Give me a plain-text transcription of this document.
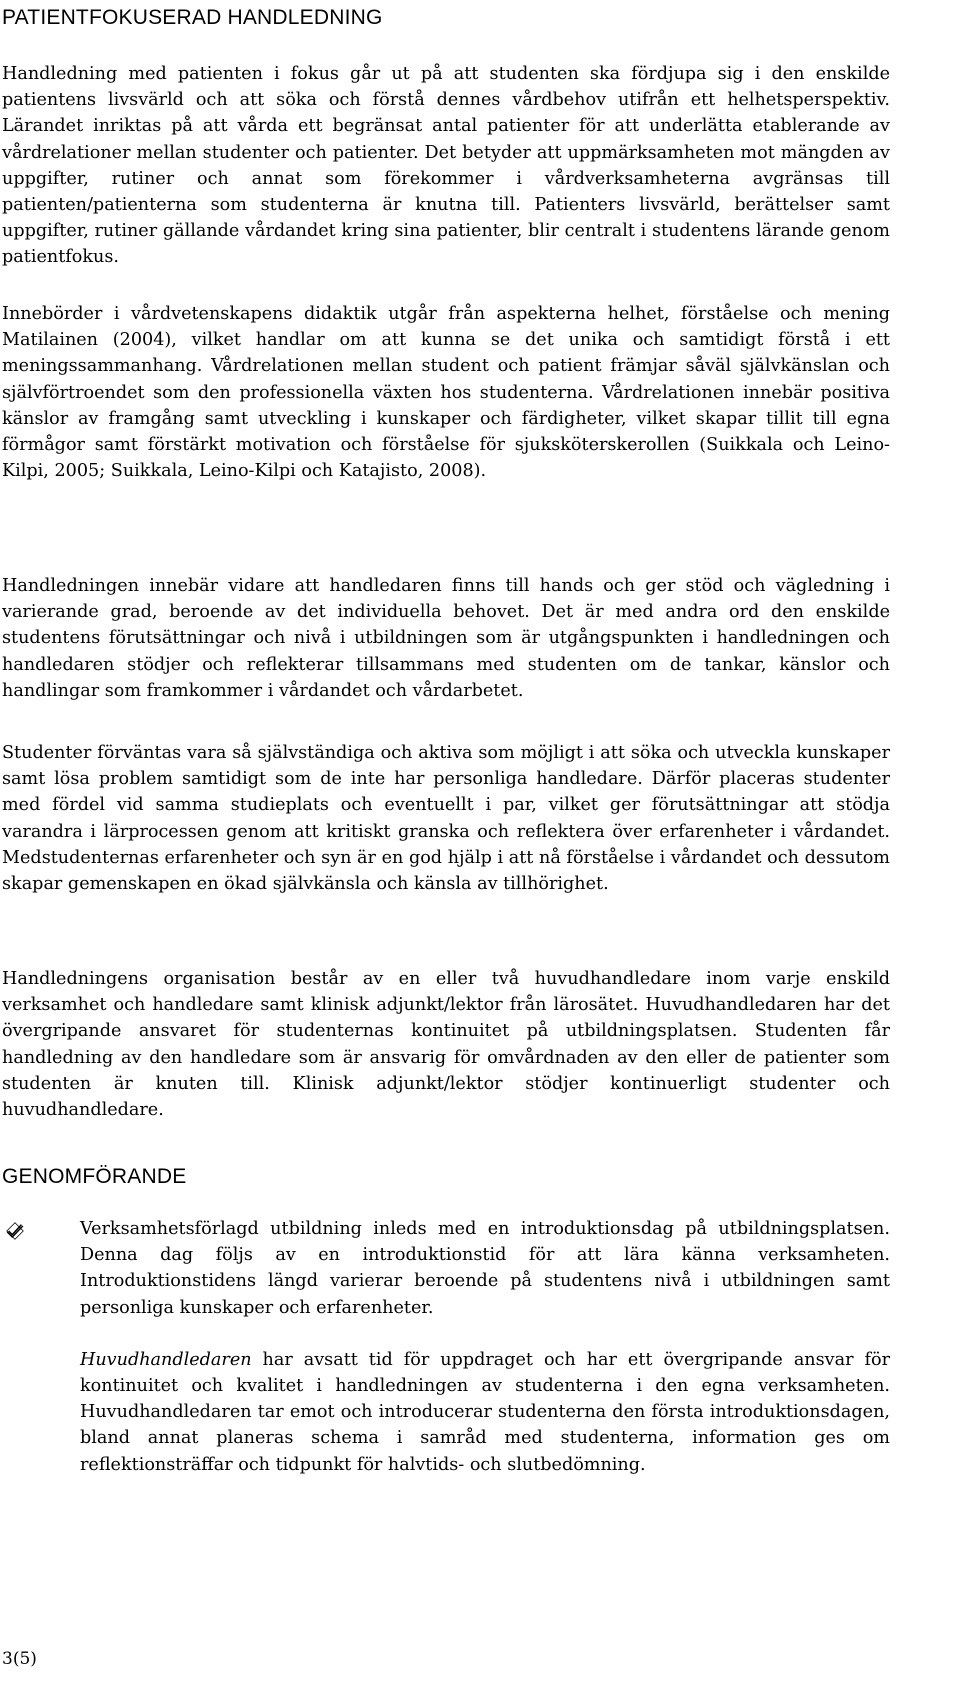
PATIENTFOKUSERAD HANDLEDNING

Handledning med patienten i fokus går ut på att studenten ska fördjupa sig i den enskilde patientens livsvärld och att söka och förstå dennes vårdbehov utifrån ett helhetsperspektiv. Lärandet inriktas på att vårda ett begränsat antal patienter för att underlätta etablerande av vårdrelationer mellan studenter och patienter. Det betyder att uppmärksamheten mot mängden av uppgifter, rutiner och annat som förekommer i vårdverksamheterna avgränsas till patienten/patienterna som studenterna är knutna till. Patienters livsvärld, berättelser samt uppgifter, rutiner gällande vårdandet kring sina patienter, blir centralt i studentens lärande genom patientfokus.

Innebörder i vårdvetenskapens didaktik utgår från aspekterna helhet, förståelse och mening Matilainen (2004), vilket handlar om att kunna se det unika och samtidigt förstå i ett meningssammanhang. Vårdrelationen mellan student och patient främjar såväl självkänslan och självförtroendet som den professionella växten hos studenterna. Vårdrelationen innebär positiva känslor av framgång samt utveckling i kunskaper och färdigheter, vilket skapar tillit till egna förmågor samt förstärkt motivation och förståelse för sjuksköterskerollen (Suikkala och Leino-Kilpi, 2005; Suikkala, Leino-Kilpi och Katajisto, 2008).

Handledningen innebär vidare att handledaren finns till hands och ger stöd och vägledning i varierande grad, beroende av det individuella behovet. Det är med andra ord den enskilde studentens förutsättningar och nivå i utbildningen som är utgångspunkten i handledningen och handledaren stödjer och reflekterar tillsammans med studenten om de tankar, känslor och handlingar som framkommer i vårdandet och vårdarbetet.

Studenter förväntas vara så självständiga och aktiva som möjligt i att söka och utveckla kunskaper samt lösa problem samtidigt som de inte har personliga handledare. Därför placeras studenter med fördel vid samma studieplats och eventuellt i par, vilket ger förutsättningar att stödja varandra i lärprocessen genom att kritiskt granska och reflektera över erfarenheter i vårdandet. Medstudenternas erfarenheter och syn är en god hjälp i att nå förståelse i vårdandet och dessutom skapar gemenskapen en ökad självkänsla och känsla av tillhörighet.

Handledningens organisation består av en eller två huvudhandledare inom varje enskild verksamhet och handledare samt klinisk adjunkt/lektor från lärosätet. Huvudhandledaren har det övergripande ansvaret för studenternas kontinuitet på utbildningsplatsen. Studenten får handledning av den handledare som är ansvarig för omvårdnaden av den eller de patienter som studenten är knuten till. Klinisk adjunkt/lektor stödjer kontinuerligt studenter och huvudhandledare.

GENOMFÖRANDE

Verksamhetsförlagd utbildning inleds med en introduktionsdag på utbildningsplatsen. Denna dag följs av en introduktionstid för att lära känna verksamheten. Introduktionstidens längd varierar beroende på studentens nivå i utbildningen samt personliga kunskaper och erfarenheter.

Huvudhandledaren har avsatt tid för uppdraget och har ett övergripande ansvar för kontinuitet och kvalitet i handledningen av studenterna i den egna verksamheten. Huvudhandledaren tar emot och introducerar studenterna den första introduktionsdagen, bland annat planeras schema i samråd med studenterna, information ges om reflektionsträffar och tidpunkt för halvtids- och slutbedömning.

3(5)
